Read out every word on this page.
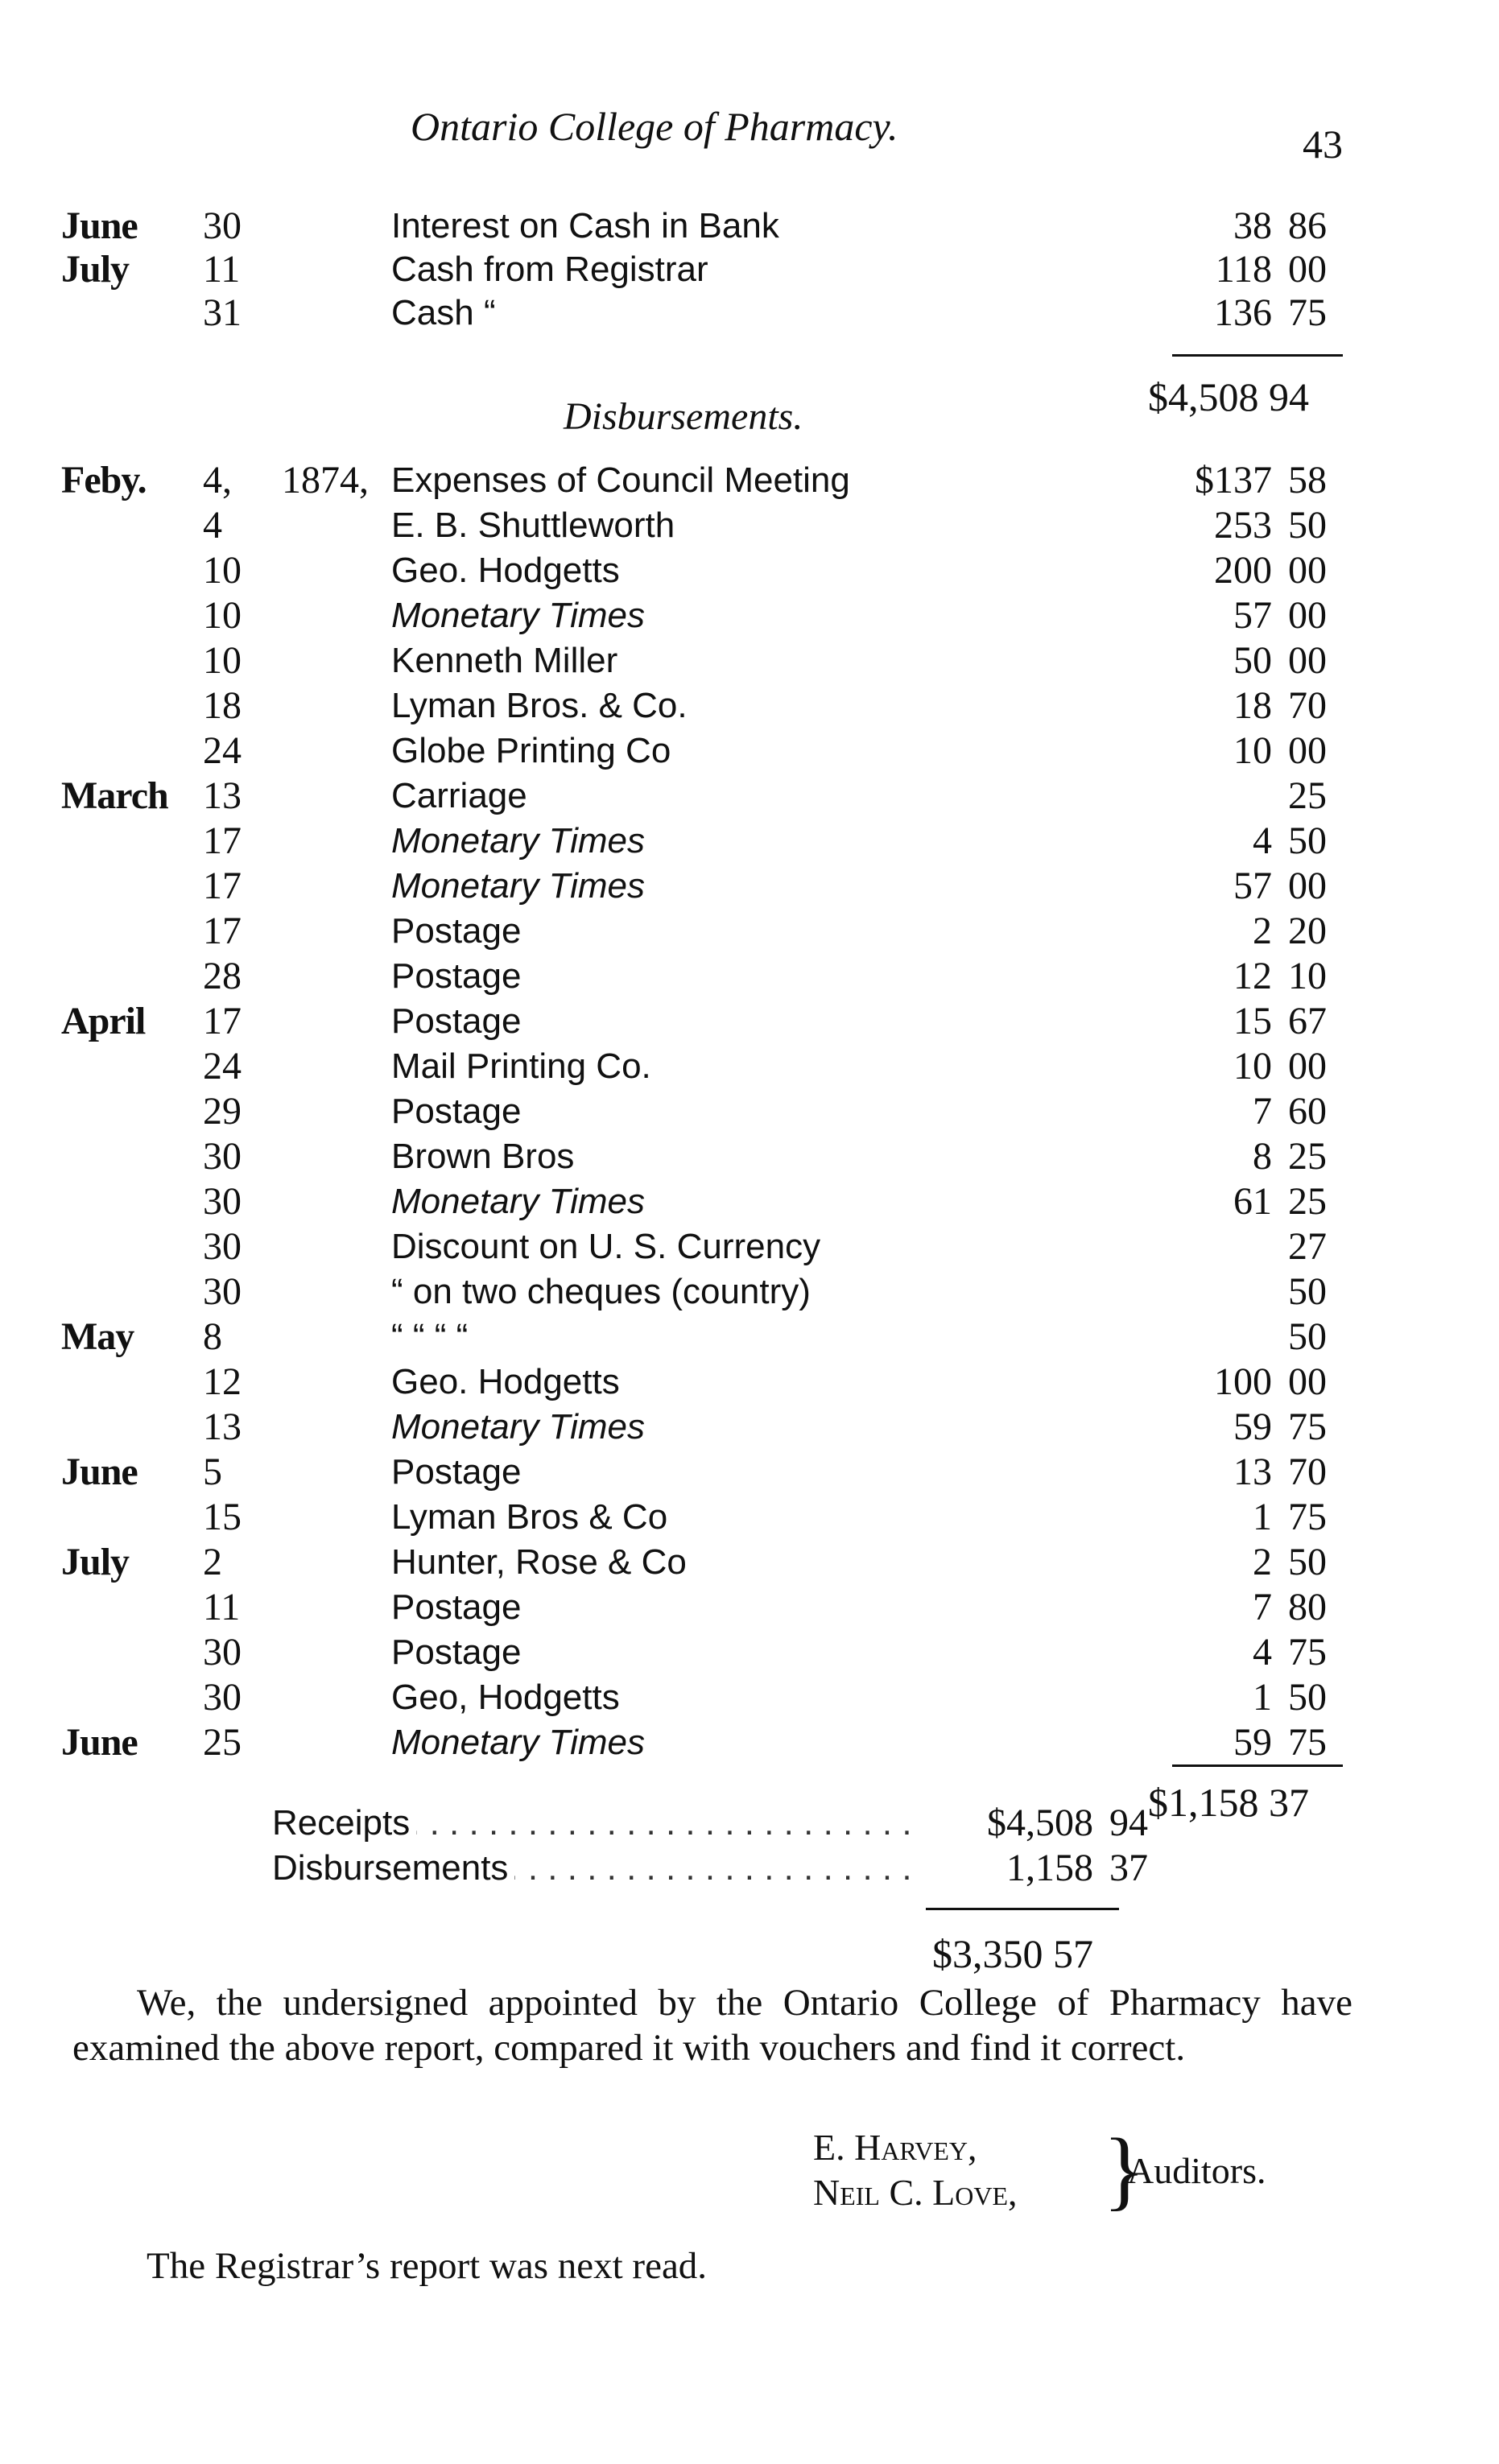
Ontario College of Pharmacy.	43
June 30	Interest on Cash in Bank . . .	38 86
July 11	Cash from Registrar . . .	118 00
31	Cash “ . . .	136 75
$4,508 94
Disbursements.
Feby. 4,	1874, Expenses of Council Meeting . . .	$137 58
4	E. B. Shuttleworth . . .	253 50
10	Geo. Hodgetts . . .	200 00
10	Monetary Times . . .	57 00
10	Kenneth Miller . . .	50 00
18	Lyman Bros. & Co. . . .	18 70
24	Globe Printing Co . . .	10 00
March 13	Carriage . . .	25
17	Monetary Times . . .	4 50
17	Monetary Times . . .	57 00
17	Postage . . .	2 20
28	Postage . . .	12 10
April 17	Postage . . .	15 67
24	Mail Printing Co. . . .	10 00
29	Postage . . .	7 60
30	Brown Bros . . .	8 25
30	Monetary Times . . .	61 25
30	Discount on U. S. Currency . . .	27
30	“ on two cheques (country) . . .	50
May 8	“ “ “ “ . . .	50
12	Geo. Hodgetts . . .	100 00
13	Monetary Times . . .	59 75
June 5	Postage . . .	13 70
15	Lyman Bros & Co . . .	1 75
July 2	Hunter, Rose & Co . . .	2 50
11	Postage . . .	7 80
30	Postage . . .	4 75
30	Geo, Hodgetts . . .	1 50
June 25	Monetary Times . . .	59 75
$1,158 37
Receipts . . .	$4,508 94
Disbursements . . .	1,158 37
$3,350 57
We, the undersigned appointed by the Ontario College of Pharmacy have examined the above report, compared it with vouchers and find it correct.
E. Harvey,
Neil C. Love, }
Auditors.
The Registrar’s report was next read.
